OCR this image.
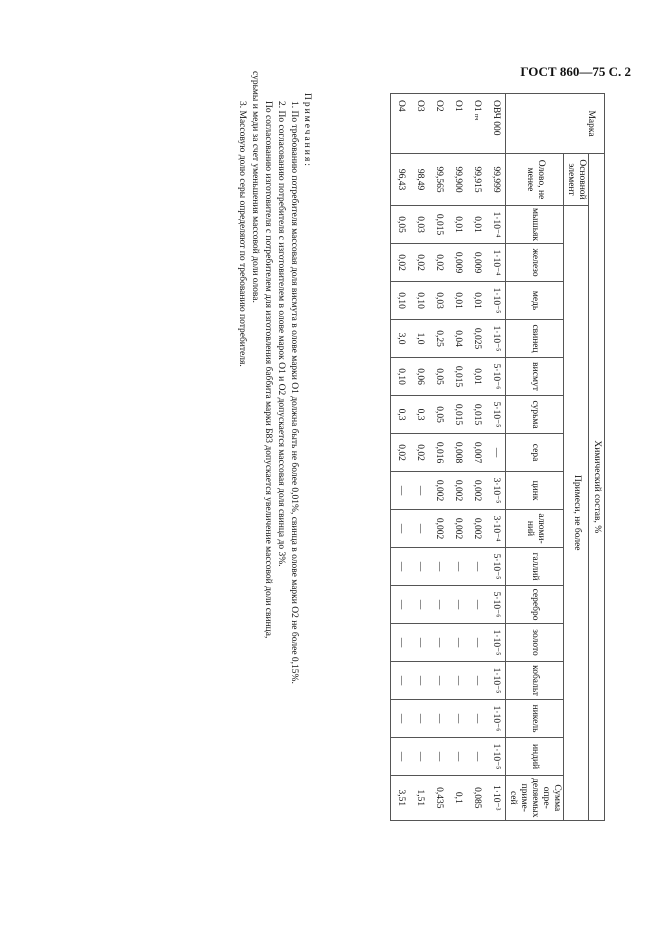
ГОСТ 860—75 С. 2
Марка	Химический состав, %																
	Основной элемент	Примеси, не более															
	Олово, не менее	мышьяк	железо	медь	свинец	висмут	сурьма	сера	цинк	алюми-ний	галлий	серебро	золото	кобальт	никель	индий	Сумма опре-деляемых приме-сей
ОВЧ 000	99,999	1·10⁻⁴	1·10⁻⁴	1·10⁻⁵	1·10⁻⁵	5·10⁻⁶	5·10⁻⁵	—	3·10⁻⁵	3·10⁻⁴	5·10⁻⁵	5·10⁻⁶	1·10⁻⁵	1·10⁻⁵	1·10⁻⁶	1·10⁻⁵	1·10⁻³
О1 пч	99,915	0,01	0,009	0,01	0,025	0,01	0,015	0,007	0,002	0,002	—	—	—	—	—	—	0,085
О1	99,900	0,01	0,009	0,01	0,04	0,015	0,015	0,008	0,002	0,002	—	—	—	—	—	—	0,1
О2	99,565	0,015	0,02	0,03	0,25	0,05	0,05	0,016	0,002	0,002	—	—	—	—	—	—	0,435
О3	98,49	0,03	0,02	0,10	1,0	0,06	0,3	0,02	—	—	—	—	—	—	—	—	1,51
О4	96,43	0,05	0,02	0,10	3,0	0,10	0,3	0,02	—	—	—	—	—	—	—	—	3,51

Примечания:

1. По требованию потребителя массовая доля висмута в олове марки О1 должна быть не более 0,01%, свинца в олове марки О2 не более 0,15%.

2. По согласованию потребителя с изготовителем в олове марок О1 и О2 допускается массовая доля свинца до 3%.

По согласованию изготовителя с потребителем для изготовления баббита марки Б83 допускается увеличение массовой доли свинца,

сурьмы и меди за счет уменьшения массовой доли олова.

3. Массовую долю серы определяют по требованию потребителя.
